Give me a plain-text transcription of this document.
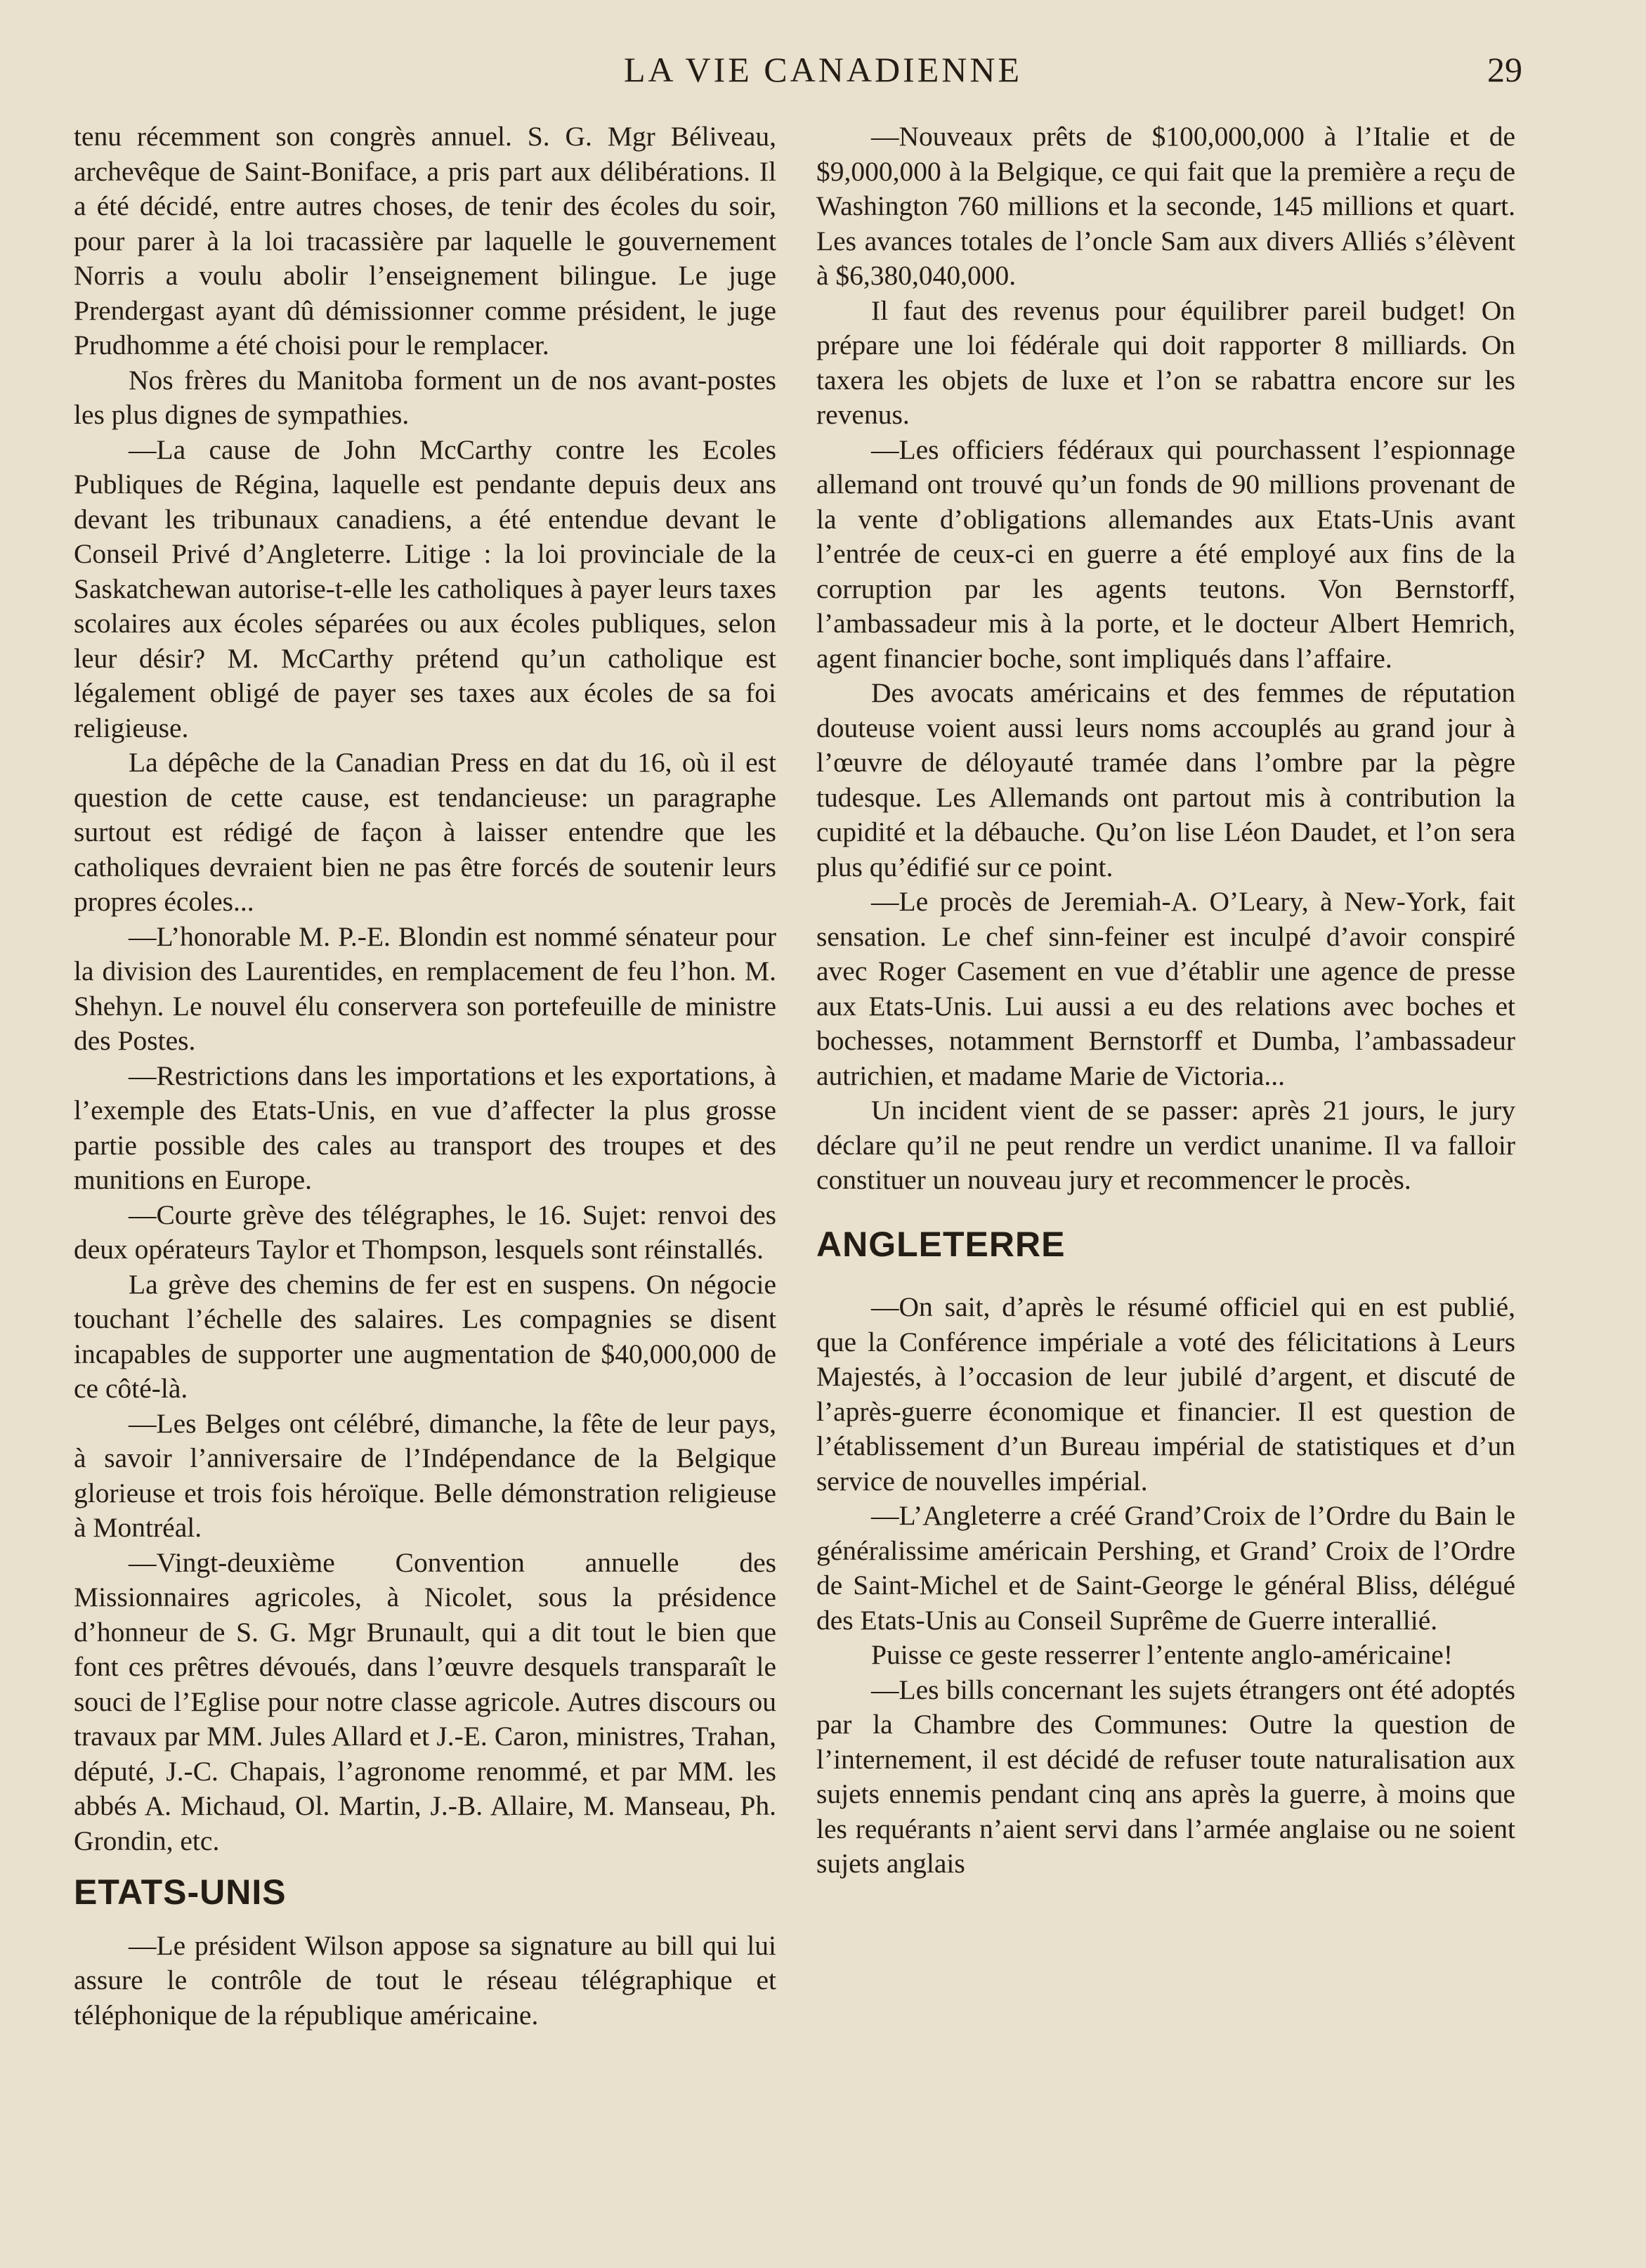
LA VIE CANADIENNE	29

tenu récemment son congrès annuel. S. G. Mgr Béliveau, archevêque de Saint-Boniface, a pris part aux délibérations. Il a été décidé, entre autres choses, de tenir des écoles du soir, pour parer à la loi tracassière par laquelle le gouvernement Norris a voulu abolir l’enseignement bilingue. Le juge Prendergast ayant dû démissionner comme président, le juge Prudhomme a été choisi pour le remplacer.

Nos frères du Manitoba forment un de nos avant-postes les plus dignes de sympathies.

—La cause de John McCarthy contre les Ecoles Publiques de Régina, laquelle est pendante depuis deux ans devant les tribunaux canadiens, a été entendue devant le Conseil Privé d’Angleterre. Litige : la loi provinciale de la Saskatchewan autorise-t-elle les catholiques à payer leurs taxes scolaires aux écoles séparées ou aux écoles publiques, selon leur désir? M. McCarthy prétend qu’un catholique est légalement obligé de payer ses taxes aux écoles de sa foi religieuse.

La dépêche de la Canadian Press en dat du 16, où il est question de cette cause, est tendancieuse: un paragraphe surtout est rédigé de façon à laisser entendre que les catholiques devraient bien ne pas être forcés de soutenir leurs propres écoles...

—L’honorable M. P.-E. Blondin est nommé sénateur pour la division des Laurentides, en remplacement de feu l’hon. M. Shehyn. Le nouvel élu conservera son portefeuille de ministre des Postes.

—Restrictions dans les importations et les exportations, à l’exemple des Etats-Unis, en vue d’affecter la plus grosse partie possible des cales au transport des troupes et des munitions en Europe.

—Courte grève des télégraphes, le 16. Sujet: renvoi des deux opérateurs Taylor et Thompson, lesquels sont réinstallés.

La grève des chemins de fer est en suspens. On négocie touchant l’échelle des salaires. Les compagnies se disent incapables de supporter une augmentation de $40,000,000 de ce côté-là.

—Les Belges ont célébré, dimanche, la fête de leur pays, à savoir l’anniversaire de l’Indépendance de la Belgique glorieuse et trois fois héroïque. Belle démonstration religieuse à Montréal.

—Vingt-deuxième Convention annuelle des Missionnaires agricoles, à Nicolet, sous la présidence d’honneur de S. G. Mgr Brunault, qui a dit tout le bien que font ces prêtres dévoués, dans l’œuvre desquels transparaît le souci de l’Eglise pour notre classe agricole. Autres discours ou travaux par MM. Jules Allard et J.-E. Caron, ministres, Trahan, député, J.-C. Chapais, l’agronome renommé, et par MM. les abbés A. Michaud, Ol. Martin, J.-B. Allaire, M. Manseau, Ph. Grondin, etc.

ETATS-UNIS

—Le président Wilson appose sa signature au bill qui lui assure le contrôle de tout le réseau télégraphique et téléphonique de la république américaine.

—Nouveaux prêts de $100,000,000 à l’Italie et de $9,000,000 à la Belgique, ce qui fait que la première a reçu de Washington 760 millions et la seconde, 145 millions et quart. Les avances totales de l’oncle Sam aux divers Alliés s’élèvent à $6,380,040,000.

Il faut des revenus pour équilibrer pareil budget! On prépare une loi fédérale qui doit rapporter 8 milliards. On taxera les objets de luxe et l’on se rabattra encore sur les revenus.

—Les officiers fédéraux qui pourchassent l’espionnage allemand ont trouvé qu’un fonds de 90 millions provenant de la vente d’obligations allemandes aux Etats-Unis avant l’entrée de ceux-ci en guerre a été employé aux fins de la corruption par les agents teutons. Von Bernstorff, l’ambassadeur mis à la porte, et le docteur Albert Hemrich, agent financier boche, sont impliqués dans l’affaire.

Des avocats américains et des femmes de réputation douteuse voient aussi leurs noms accouplés au grand jour à l’œuvre de déloyauté tramée dans l’ombre par la pègre tudesque. Les Allemands ont partout mis à contribution la cupidité et la débauche. Qu’on lise Léon Daudet, et l’on sera plus qu’édifié sur ce point.

—Le procès de Jeremiah-A. O’Leary, à New-York, fait sensation. Le chef sinn-feiner est inculpé d’avoir conspiré avec Roger Casement en vue d’établir une agence de presse aux Etats-Unis. Lui aussi a eu des relations avec boches et bochesses, notamment Bernstorff et Dumba, l’ambassadeur autrichien, et madame Marie de Victoria...

Un incident vient de se passer: après 21 jours, le jury déclare qu’il ne peut rendre un verdict unanime. Il va falloir constituer un nouveau jury et recommencer le procès.

ANGLETERRE

—On sait, d’après le résumé officiel qui en est publié, que la Conférence impériale a voté des félicitations à Leurs Majestés, à l’occasion de leur jubilé d’argent, et discuté de l’après-guerre économique et financier. Il est question de l’établissement d’un Bureau impérial de statistiques et d’un service de nouvelles impérial.

—L’Angleterre a créé Grand’Croix de l’Ordre du Bain le généralissime américain Pershing, et Grand’ Croix de l’Ordre de Saint-Michel et de Saint-George le général Bliss, délégué des Etats-Unis au Conseil Suprême de Guerre interallié.

Puisse ce geste resserrer l’entente anglo-américaine!

—Les bills concernant les sujets étrangers ont été adoptés par la Chambre des Communes: Outre la question de l’internement, il est décidé de refuser toute naturalisation aux sujets ennemis pendant cinq ans après la guerre, à moins que les requérants n’aient servi dans l’armée anglaise ou ne soient sujets anglais
